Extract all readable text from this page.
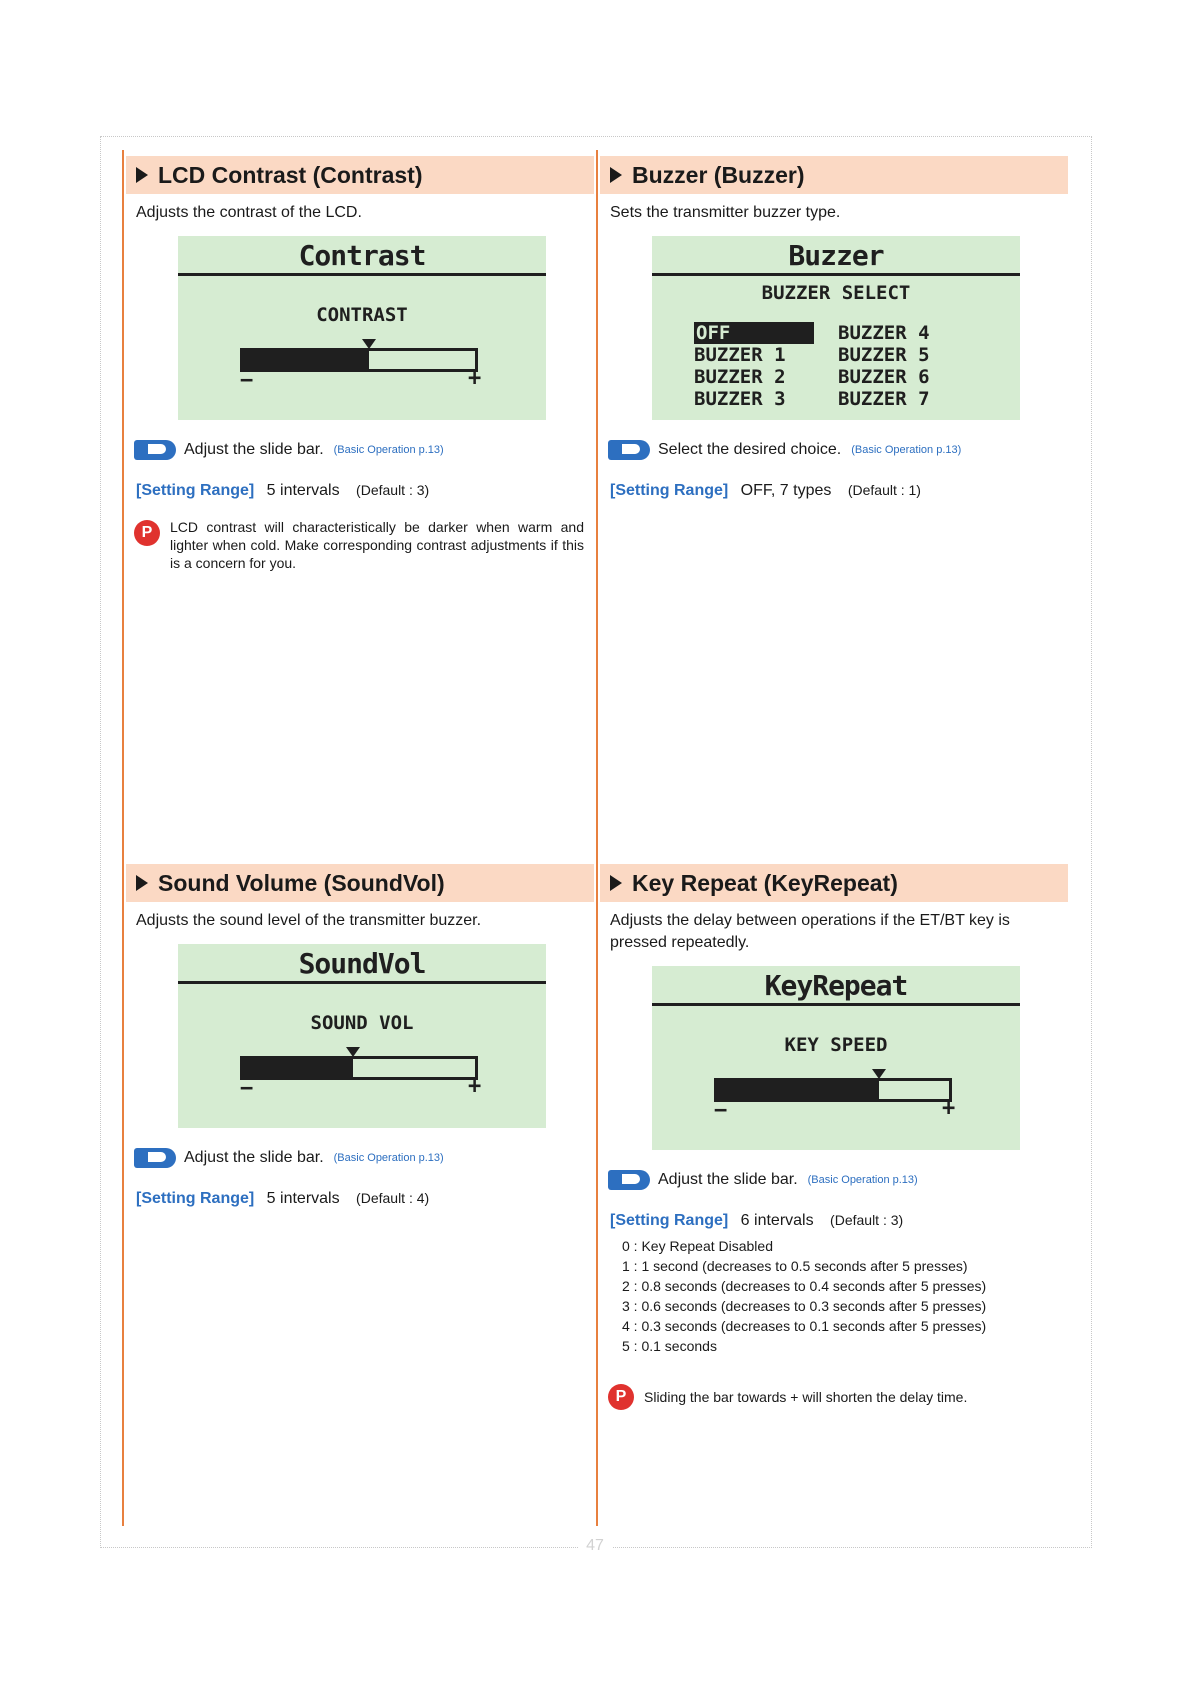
LCD Contrast (Contrast)

Adjusts the contrast of the LCD.

Contrast
CONTRAST
−	+
Adjust the slide bar. (Basic Operation p.13)
[Setting Range] 5 intervals (Default : 3)
P	LCD contrast will characteristically be darker when warm and lighter when cold. Make corresponding contrast adjustments if this is a concern for you.
Buzzer (Buzzer)

Sets the transmitter buzzer type.

Buzzer
BUZZER SELECT
OFF	BUZZER 4
BUZZER 1	BUZZER 5
BUZZER 2	BUZZER 6
BUZZER 3	BUZZER 7
Select the desired choice. (Basic Operation p.13)
[Setting Range] OFF, 7 types (Default : 1)
Sound Volume (SoundVol)

Adjusts the sound level of the transmitter buzzer.

SoundVol
SOUND VOL
−	+
Adjust the slide bar. (Basic Operation p.13)
[Setting Range] 5 intervals (Default : 4)
Key Repeat (KeyRepeat)

Adjusts the delay between operations if the ET/BT key is pressed repeatedly.

KeyRepeat
KEY SPEED
−	+
Adjust the slide bar. (Basic Operation p.13)
[Setting Range] 6 intervals (Default : 3)
0 : Key Repeat Disabled
1 : 1 second (decreases to 0.5 seconds after 5 presses)
2 : 0.8 seconds (decreases to 0.4 seconds after 5 presses)
3 : 0.6 seconds (decreases to 0.3 seconds after 5 presses)
4 : 0.3 seconds (decreases to 0.1 seconds after 5 presses)
5 : 0.1 seconds
P	Sliding the bar towards + will shorten the delay time.
47
